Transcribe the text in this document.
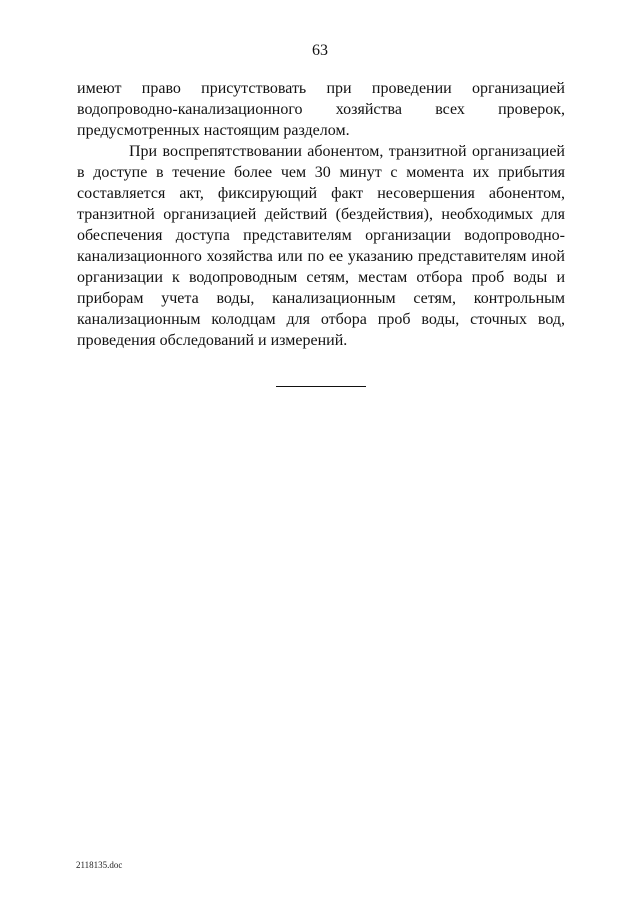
63

имеют право присутствовать при проведении организацией водопроводно-канализационного хозяйства всех проверок, предусмотренных настоящим разделом.

При воспрепятствовании абонентом, транзитной организацией в доступе в течение более чем 30 минут с момента их прибытия составляется акт, фиксирующий факт несовершения абонентом, транзитной организацией действий (бездействия), необходимых для обеспечения доступа представителям организации водопроводно-канализационного хозяйства или по ее указанию представителям иной организации к водопроводным сетям, местам отбора проб воды и приборам учета воды, канализационным сетям, контрольным канализационным колодцам для отбора проб воды, сточных вод, проведения обследований и измерений.

2118135.doc
